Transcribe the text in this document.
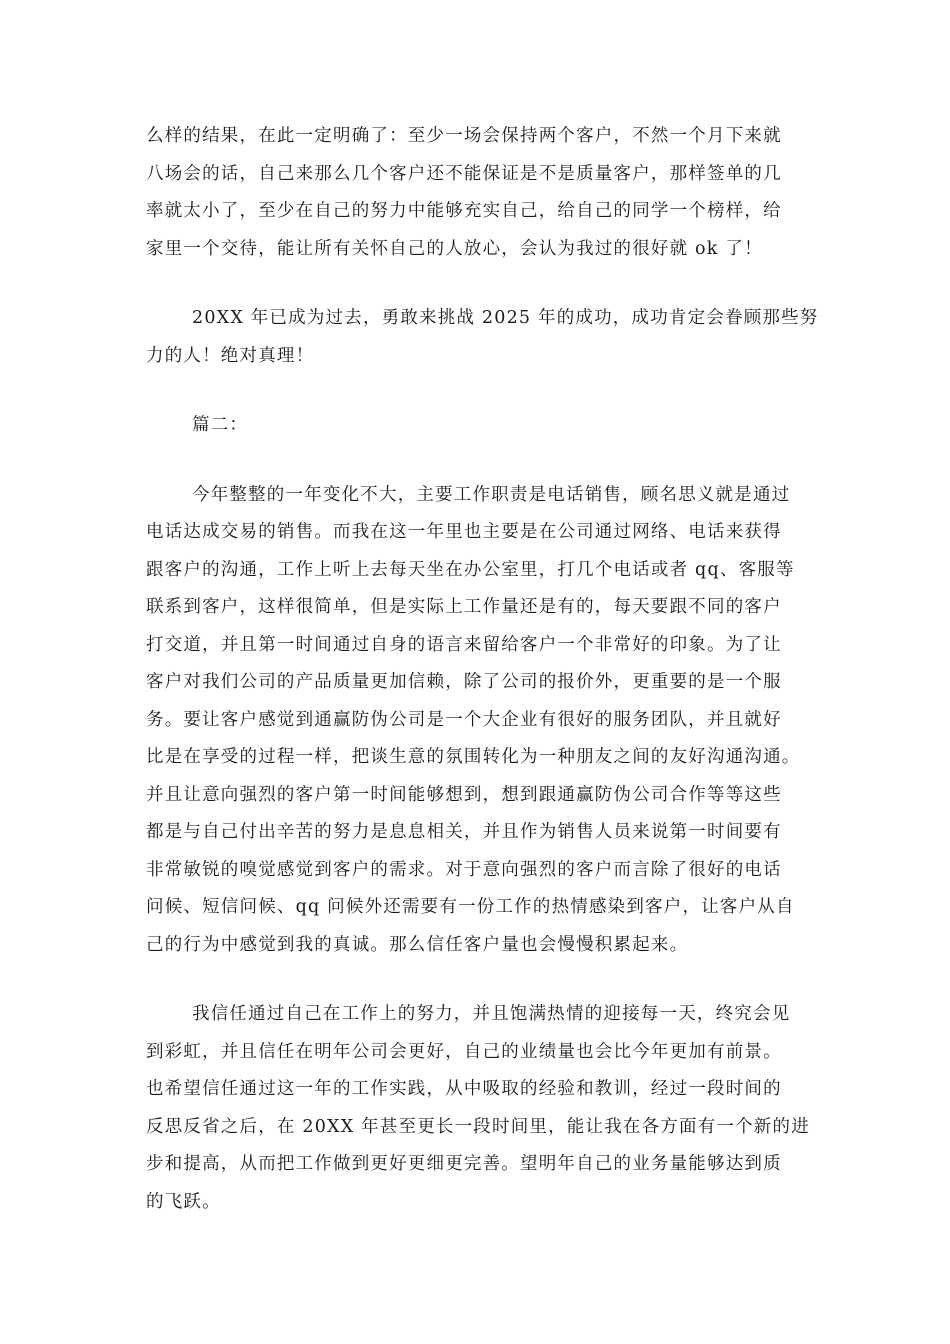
么样的结果，在此一定明确了：至少一场会保持两个客户，不然一个月下来就
八场会的话，自己来那么几个客户还不能保证是不是质量客户，那样签单的几
率就太小了，至少在自己的努力中能够充实自己，给自己的同学一个榜样，给
家里一个交待，能让所有关怀自己的人放心，会认为我过的很好就 ok 了！
20XX 年已成为过去，勇敢来挑战 2025 年的成功，成功肯定会眷顾那些努
力的人！绝对真理！
篇二：
今年整整的一年变化不大，主要工作职责是电话销售，顾名思义就是通过
电话达成交易的销售。而我在这一年里也主要是在公司通过网络、电话来获得
跟客户的沟通，工作上听上去每天坐在办公室里，打几个电话或者 qq、客服等
联系到客户，这样很简单，但是实际上工作量还是有的，每天要跟不同的客户
打交道，并且第一时间通过自身的语言来留给客户一个非常好的印象。为了让
客户对我们公司的产品质量更加信赖，除了公司的报价外，更重要的是一个服
务。要让客户感觉到通赢防伪公司是一个大企业有很好的服务团队，并且就好
比是在享受的过程一样，把谈生意的氛围转化为一种朋友之间的友好沟通沟通。
并且让意向强烈的客户第一时间能够想到，想到跟通赢防伪公司合作等等这些
都是与自己付出辛苦的努力是息息相关，并且作为销售人员来说第一时间要有
非常敏锐的嗅觉感觉到客户的需求。对于意向强烈的客户而言除了很好的电话
问候、短信问候、qq 问候外还需要有一份工作的热情感染到客户，让客户从自
己的行为中感觉到我的真诚。那么信任客户量也会慢慢积累起来。
我信任通过自己在工作上的努力，并且饱满热情的迎接每一天，终究会见
到彩虹，并且信任在明年公司会更好，自己的业绩量也会比今年更加有前景。
也希望信任通过这一年的工作实践，从中吸取的经验和教训，经过一段时间的
反思反省之后，在 20XX 年甚至更长一段时间里，能让我在各方面有一个新的进
步和提高，从而把工作做到更好更细更完善。望明年自己的业务量能够达到质
的飞跃。
